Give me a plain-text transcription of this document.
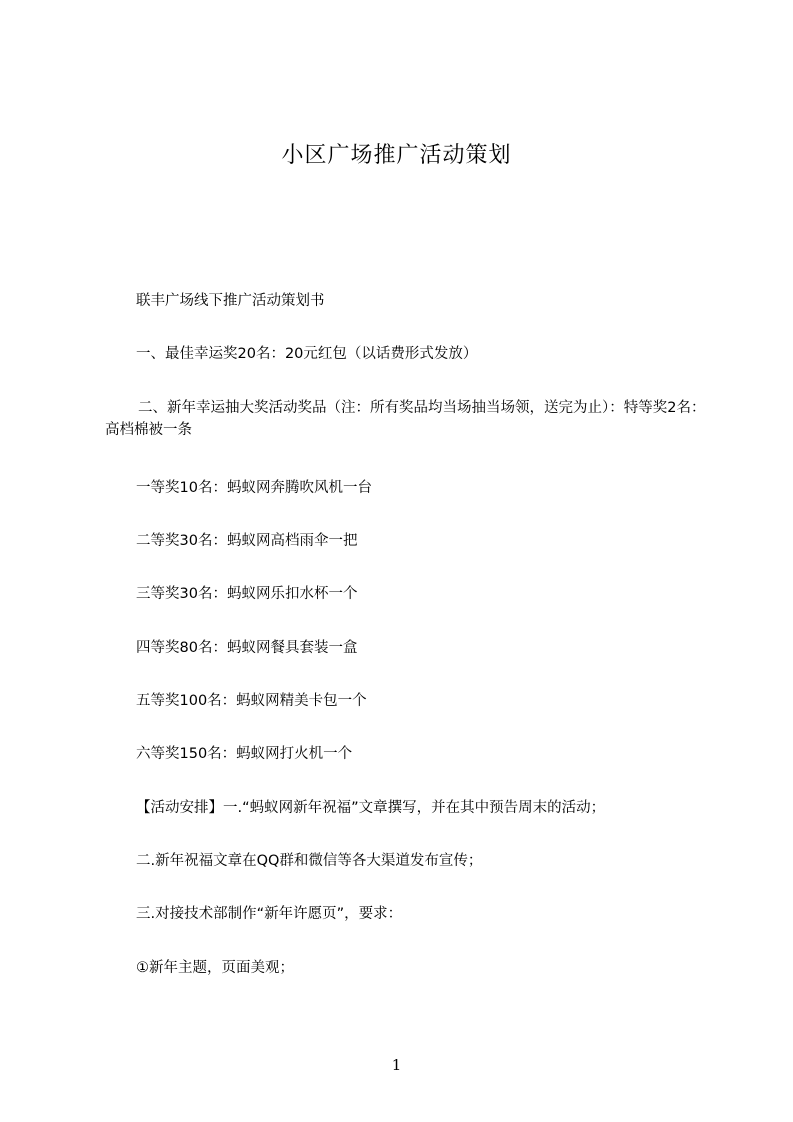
小区广场推广活动策划
联丰广场线下推广活动策划书
一、最佳幸运奖20名：20元红包（以话费形式发放）
二、新年幸运抽大奖活动奖品（注：所有奖品均当场抽当场领，送完为止）：特等奖2名：高档棉被一条
一等奖10名：蚂蚁网奔腾吹风机一台
二等奖30名：蚂蚁网高档雨伞一把
三等奖30名：蚂蚁网乐扣水杯一个
四等奖80名：蚂蚁网餐具套装一盒
五等奖100名：蚂蚁网精美卡包一个
六等奖150名：蚂蚁网打火机一个
【活动安排】一.“蚂蚁网新年祝福”文章撰写，并在其中预告周末的活动；
二.新年祝福文章在QQ群和微信等各大渠道发布宣传；
三.对接技术部制作“新年许愿页”，要求：
①新年主题，页面美观；
1
